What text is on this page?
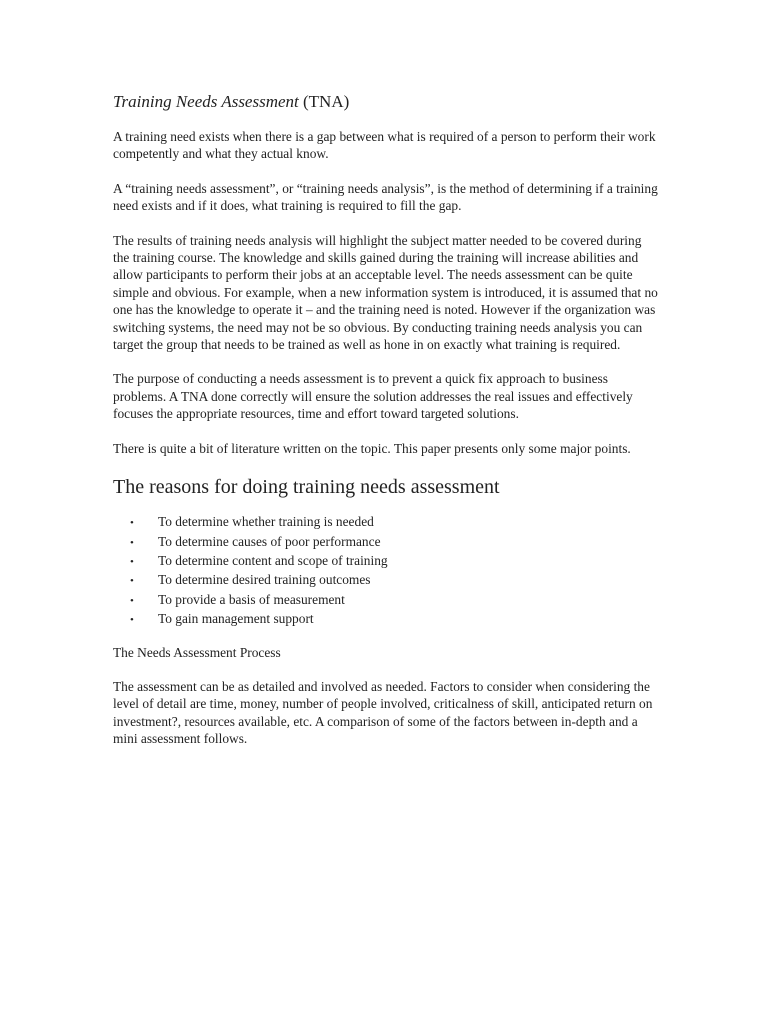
Training Needs Assessment (TNA)

A training need exists when there is a gap between what is required of a person to perform their work competently and what they actual know.

A “training needs assessment”, or “training needs analysis”, is the method of determining if a training need exists and if it does, what training is required to fill the gap.

The results of training needs analysis will highlight the subject matter needed to be covered during the training course. The knowledge and skills gained during the training will increase abilities and allow participants to perform their jobs at an acceptable level. The needs assessment can be quite simple and obvious. For example, when a new information system is introduced, it is assumed that no one has the knowledge to operate it – and the training need is noted. However if the organization was switching systems, the need may not be so obvious. By conducting training needs analysis you can target the group that needs to be trained as well as hone in on exactly what training is required.

The purpose of conducting a needs assessment is to prevent a quick fix approach to business problems. A TNA done correctly will ensure the solution addresses the real issues and effectively focuses the appropriate resources, time and effort toward targeted solutions.

There is quite a bit of literature written on the topic. This paper presents only some major points.

The reasons for doing training needs assessment
•	To determine whether training is needed
•	To determine causes of poor performance
•	To determine content and scope of training
•	To determine desired training outcomes
•	To provide a basis of measurement
•	To gain management support

The Needs Assessment Process

The assessment can be as detailed and involved as needed. Factors to consider when considering the level of detail are time, money, number of people involved, criticalness of skill, anticipated return on investment?, resources available, etc. A comparison of some of the factors between in-depth and a mini assessment follows.
